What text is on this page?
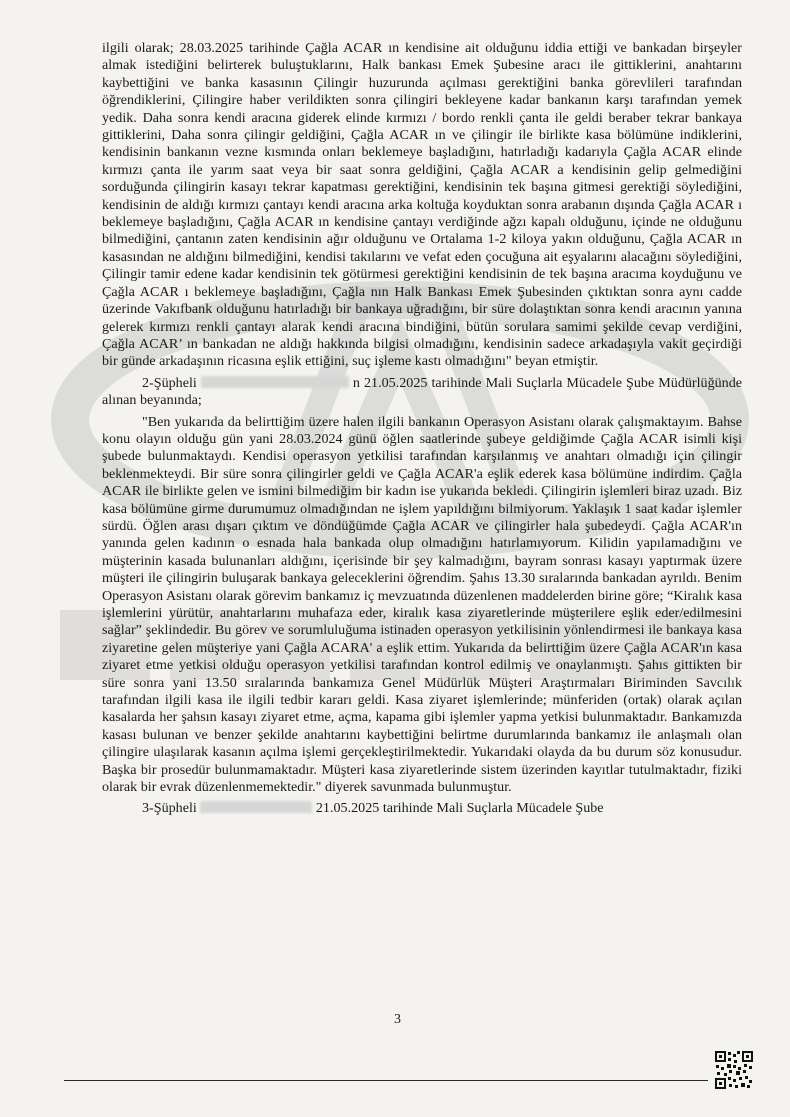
ilgili olarak; 28.03.2025 tarihinde Çağla ACAR ın kendisine ait olduğunu iddia ettiği ve bankadan birşeyler almak istediğini belirterek buluştuklarını, Halk bankası Emek Şubesine aracı ile gittiklerini, anahtarını kaybettiğini ve banka kasasının Çilingir huzurunda açılması gerektiğini banka görevlileri tarafından öğrendiklerini, Çilingire haber verildikten sonra çilingiri bekleyene kadar bankanın karşı tarafından yemek yedik. Daha sonra kendi aracına giderek elinde kırmızı / bordo renkli çanta ile geldi beraber tekrar bankaya gittiklerini, Daha sonra çilingir geldiğini, Çağla ACAR ın ve çilingir ile birlikte kasa bölümüne indiklerini, kendisinin bankanın vezne kısmında onları beklemeye başladığını, hatırladığı kadarıyla Çağla ACAR elinde kırmızı çanta ile yarım saat veya bir saat sonra geldiğini, Çağla ACAR a kendisinin gelip gelmediğini sorduğunda çilingirin kasayı tekrar kapatması gerektiğini, kendisinin tek başına gitmesi gerektiği söylediğini, kendisinin de aldığı kırmızı çantayı kendi aracına arka koltuğa koyduktan sonra arabanın dışında Çağla ACAR ı beklemeye başladığını, Çağla ACAR ın kendisine çantayı verdiğinde ağzı kapalı olduğunu, içinde ne olduğunu bilmediğini, çantanın zaten kendisinin ağır olduğunu ve Ortalama 1-2 kiloya yakın olduğunu, Çağla ACAR ın kasasından ne aldığını bilmediğini, kendisi takılarını ve vefat eden çocuğuna ait eşyalarını alacağını söylediğini, Çilingir tamir edene kadar kendisinin tek götürmesi gerektiğini kendisinin de tek başına aracıma koyduğunu ve Çağla ACAR ı beklemeye başladığını, Çağla nın Halk Bankası Emek Şubesinden çıktıktan sonra aynı cadde üzerinde Vakıfbank olduğunu hatırladığı bir bankaya uğradığını, bir süre dolaştıktan sonra kendi aracının yanına gelerek kırmızı renkli çantayı alarak kendi aracına bindiğini, bütün sorulara samimi şekilde cevap verdiğini, Çağla ACAR’ ın bankadan ne aldığı hakkında bilgisi olmadığını, kendisinin sadece arkadaşıyla vakit geçirdiği bir günde arkadaşının ricasına eşlik ettiğini, suç işleme kastı olmadığını" beyan etmiştir.

2-Şüpheli	n 21.05.2025 tarihinde Mali Suçlarla Mücadele Şube Müdürlüğünde alınan beyanında;

"Ben yukarıda da belirttiğim üzere halen ilgili bankanın Operasyon Asistanı olarak çalışmaktayım. Bahse konu olayın olduğu gün yani 28.03.2024 günü öğlen saatlerinde şubeye geldiğimde Çağla ACAR isimli kişi şubede bulunmaktaydı. Kendisi operasyon yetkilisi tarafından karşılanmış ve anahtarı olmadığı için çilingir beklenmekteydi. Bir süre sonra çilingirler geldi ve Çağla ACAR'a eşlik ederek kasa bölümüne indirdim. Çağla ACAR ile birlikte gelen ve ismini bilmediğim bir kadın ise yukarıda bekledi. Çilingirin işlemleri biraz uzadı. Biz kasa bölümüne girme durumumuz olmadığından ne işlem yapıldığını bilmiyorum. Yaklaşık 1 saat kadar işlemler sürdü. Öğlen arası dışarı çıktım ve döndüğümde Çağla ACAR ve çilingirler hala şubedeydi. Çağla ACAR'ın yanında gelen kadının o esnada hala bankada olup olmadığını hatırlamıyorum. Kilidin yapılamadığını ve müşterinin kasada bulunanları aldığını, içerisinde bir şey kalmadığını, bayram sonrası kasayı yaptırmak üzere müşteri ile çilingirin buluşarak bankaya geleceklerini öğrendim. Şahıs 13.30 sıralarında bankadan ayrıldı. Benim Operasyon Asistanı olarak görevim bankamız iç mevzuatında düzenlenen maddelerden birine göre; “Kiralık kasa işlemlerini yürütür, anahtarlarını muhafaza eder, kiralık kasa ziyaretlerinde müşterilere eşlik eder/edilmesini sağlar” şeklindedir. Bu görev ve sorumluluğuma istinaden operasyon yetkilisinin yönlendirmesi ile bankaya kasa ziyaretine gelen müşteriye yani Çağla ACARA' a eşlik ettim. Yukarıda da belirttiğim üzere Çağla ACAR'ın kasa ziyaret etme yetkisi olduğu operasyon yetkilisi tarafından kontrol edilmiş ve onaylanmıştı. Şahıs gittikten bir süre sonra yani 13.50 sıralarında bankamıza Genel Müdürlük Müşteri Araştırmaları Biriminden Savcılık tarafından ilgili kasa ile ilgili tedbir kararı geldi. Kasa ziyaret işlemlerinde; münferiden (ortak) olarak açılan kasalarda her şahsın kasayı ziyaret etme, açma, kapama gibi işlemler yapma yetkisi bulunmaktadır. Bankamızda kasası bulunan ve benzer şekilde anahtarını kaybettiğini belirtme durumlarında bankamız ile anlaşmalı olan çilingire ulaşılarak kasanın açılma işlemi gerçekleştirilmektedir. Yukarıdaki olayda da bu durum söz konusudur. Başka bir prosedür bulunmamaktadır. Müşteri kasa ziyaretlerinde sistem üzerinden kayıtlar tutulmaktadır, fiziki olarak bir evrak düzenlenmemektedir." diyerek savunmada bulunmuştur.

3-Şüpheli	21.05.2025 tarihinde Mali Suçlarla Mücadele Şube

3
